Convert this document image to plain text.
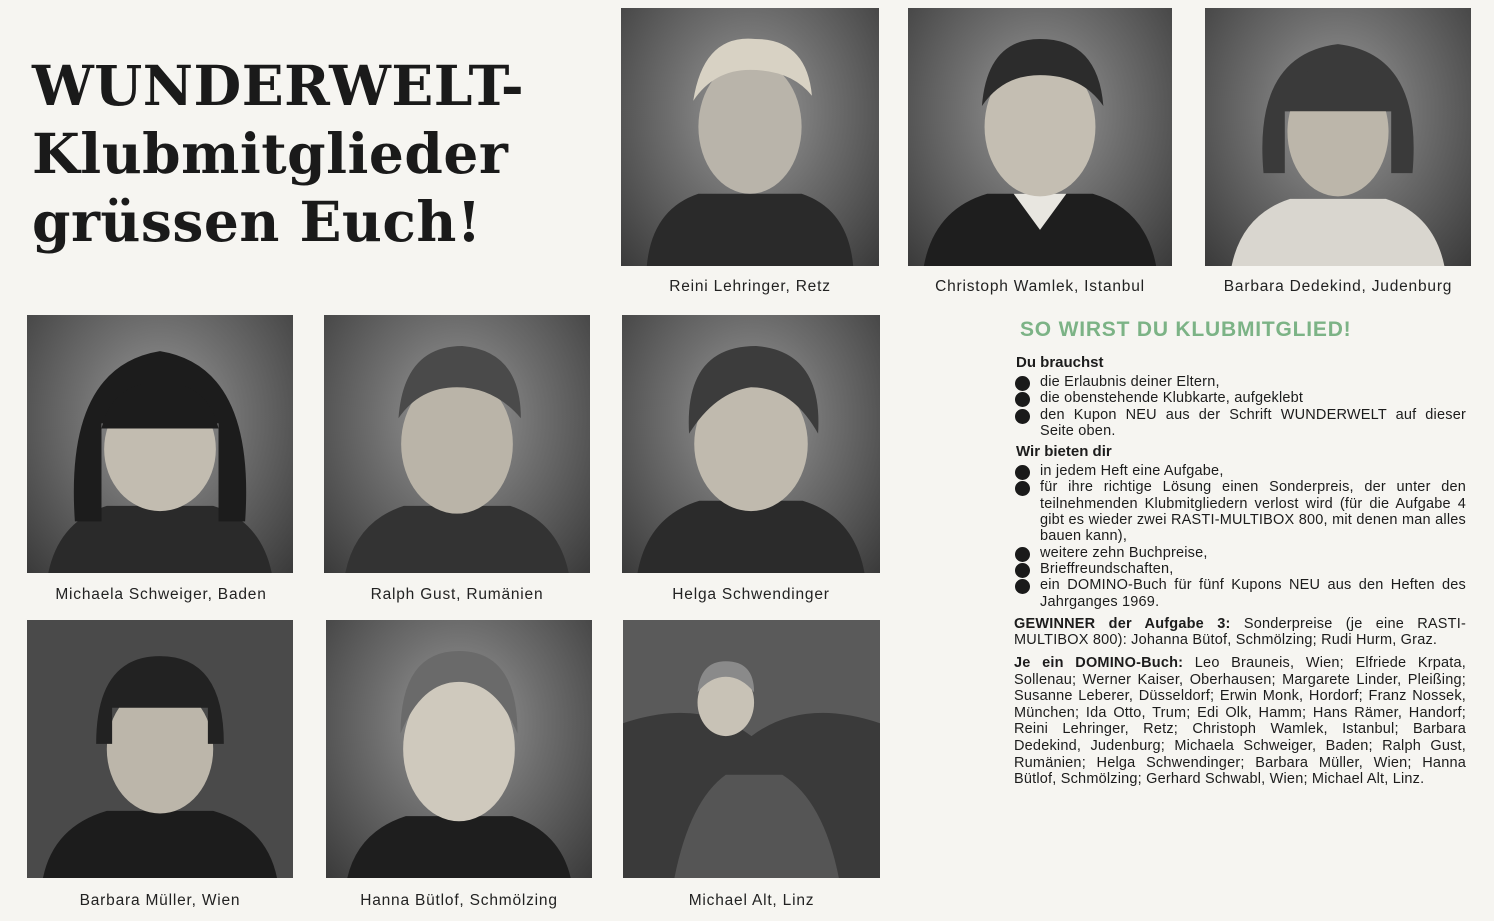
WUNDERWELT-
Klubmitglieder
grüssen Euch!
Reini Lehringer, Retz	Christoph Wamlek, Istanbul	Barbara Dedekind, Judenburg
Michaela Schweiger, Baden	Ralph Gust, Rumänien	Helga Schwendinger
Barbara Müller, Wien	Hanna Bütlof, Schmölzing	Michael Alt, Linz
SO WIRST DU KLUBMITGLIED!
Du brauchst
die Erlaubnis deiner Eltern,
die obenstehende Klubkarte, aufgeklebt
den Kupon NEU aus der Schrift WUNDERWELT auf dieser Seite oben.
Wir bieten dir
in jedem Heft eine Aufgabe,
für ihre richtige Lösung einen Sonderpreis, der unter den teilnehmenden Klubmitgliedern verlost wird (für die Aufgabe 4 gibt es wieder zwei RASTI-MULTIBOX 800, mit denen man alles bauen kann),
weitere zehn Buchpreise,
Brieffreundschaften,
ein DOMINO-Buch für fünf Kupons NEU aus den Heften des Jahrganges 1969.

GEWINNER der Aufgabe 3: Sonderpreise (je eine RASTI-MULTIBOX 800): Johanna Bütof, Schmölzing; Rudi Hurm, Graz.

Je ein DOMINO-Buch: Leo Brauneis, Wien; Elfriede Krpata, Sollenau; Werner Kaiser, Oberhausen; Margarete Linder, Pleißing; Susanne Leberer, Düsseldorf; Erwin Monk, Hordorf; Franz Nossek, München; Ida Otto, Trum; Edi Olk, Hamm; Hans Rämer, Handorf; Reini Lehringer, Retz; Christoph Wamlek, Istanbul; Barbara Dedekind, Judenburg; Michaela Schweiger, Baden; Ralph Gust, Rumänien; Helga Schwendinger; Barbara Müller, Wien; Hanna Bütlof, Schmölzing; Gerhard Schwabl, Wien; Michael Alt, Linz.
